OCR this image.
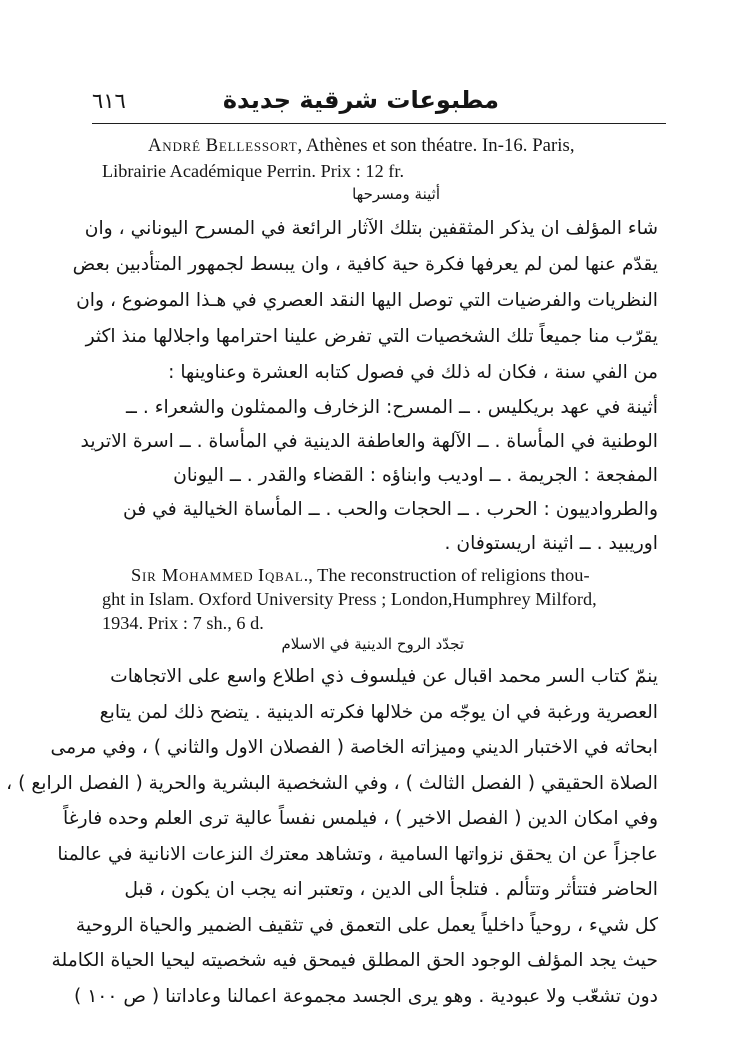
٦١٦	مطبوعات شرقية جديدة
André Bellessort, Athènes et son théatre. In-16. Paris,
Librairie Académique Perrin. Prix : 12 fr.
أثينة ومسرحها
شاء المؤلف ان يذكر المثقفين بتلك الآثار الرائعة في المسرح اليوناني ، وان
يقدّم عنها لمن لم يعرفها فكرة حية كافية ، وان يبسط لجمهور المتأدبين بعض
النظريات والفرضيات التي توصل اليها النقد العصري في هـذا الموضوع ، وان
يقرّب منا جميعاً تلك الشخصيات التي تفرض علينا احترامها واجلالها منذ اكثر
من الفي سنة ، فكان له ذلك في فصول كتابه العشرة وعناوينها :
أثينة في عهد بريكليس . ــ المسرح: الزخارف والممثلون والشعراء . ــ
الوطنية في المأساة . ــ الآلهة والعاطفة الدينية في المأساة . ــ اسرة الاتريد
المفجعة : الجريمة . ــ اوديب وابناؤه : القضاء والقدر . ــ اليونان
والطروادييون : الحرب . ــ الحجات والحب . ــ المأساة الخيالية في فن
اوريبيد . ــ اثينة اريستوفان .
Sir Mohammed Iqbal., The reconstruction of religions thou-
ght in Islam. Oxford University Press ; London,Humphrey Milford,
1934. Prix : 7 sh., 6 d.
تجدّد الروح الدينية في الاسلام
ينمّ كتاب السر محمد اقبال عن فيلسوف ذي اطلاع واسع على الاتجاهات
العصرية ورغبة في ان يوجّه من خلالها فكرته الدينية . يتضح ذلك لمن يتابع
ابحاثه في الاختبار الديني وميزاته الخاصة ( الفصلان الاول والثاني ) ، وفي مرمى
الصلاة الحقيقي ( الفصل الثالث ) ، وفي الشخصية البشرية والحرية ( الفصل الرابع ) ،
وفي امكان الدين ( الفصل الاخير ) ، فيلمس نفساً عالية ترى العلم وحده فارغاً
عاجزاً عن ان يحقق نزواتها السامية ، وتشاهد معترك النزعات الانانية في عالمنا
الحاضر فتتأثر وتتألم . فتلجأ الى الدين ، وتعتبر انه يجب ان يكون ، قبل
كل شيء ، روحياً داخلياً يعمل على التعمق في تثقيف الضمير والحياة الروحية
حيث يجد المؤلف الوجود الحق المطلق فيمحق فيه شخصيته ليحيا الحياة الكاملة
دون تشعّب ولا عبودية . وهو يرى الجسد مجموعة اعمالنا وعاداتنا ( ص ١٠٠ )
